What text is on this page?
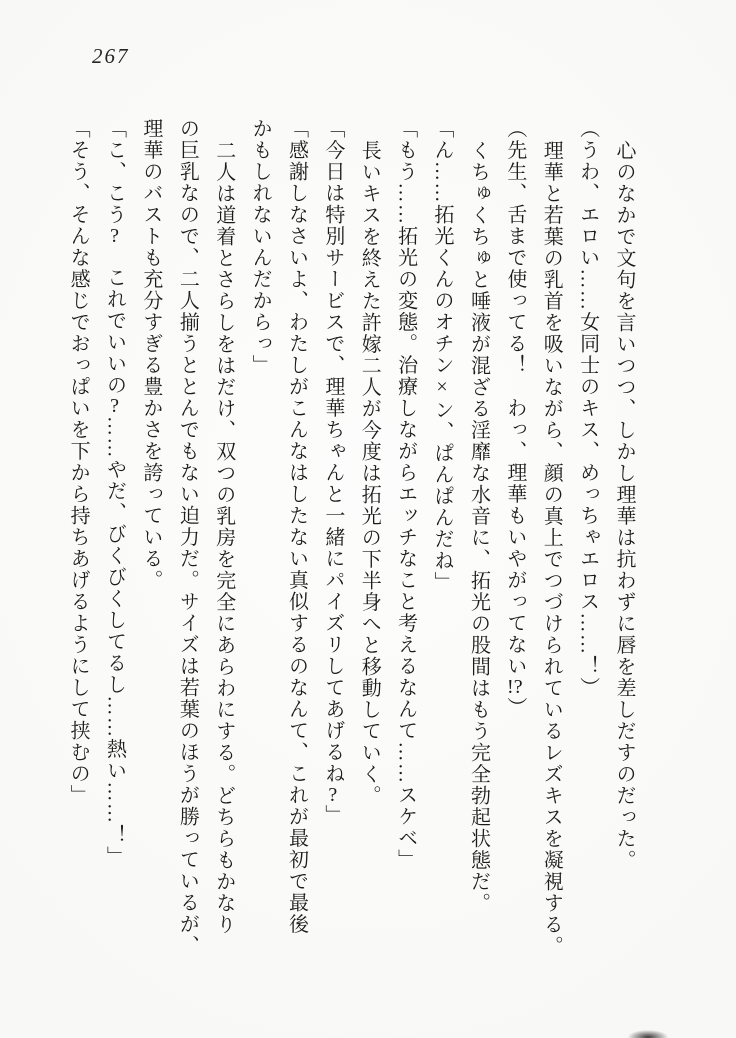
267
心のなかで文句を言いつつ、しかし理華は抗わずに唇を差しだすのだった。
（うわ、エロい……女同士のキス、めっちゃエロス……！）
理華と若葉の乳首を吸いながら、顔の真上でつづけられているレズキスを凝視する。
（先生、舌まで使ってる！　わっ、理華もいやがってない!?）
くちゅくちゅと唾液が混ざる淫靡な水音に、拓光の股間はもう完全勃起状態だ。
「ん……拓光くんのオチン×ン、ぱんぱんだね」
「もう……拓光の変態。治療しながらエッチなこと考えるなんて……スケベ」
長いキスを終えた許嫁二人が今度は拓光の下半身へと移動していく。
「今日は特別サービスで、理華ちゃんと一緒にパイズリしてあげるね?」
「感謝しなさいよ、わたしがこんなはしたない真似するのなんて、これが最初で最後
かもしれないんだからっ」
二人は道着とさらしをはだけ、双つの乳房を完全にあらわにする。どちらもかなり
の巨乳なので、二人揃うととんでもない迫力だ。サイズは若葉のほうが勝っているが、
理華のバストも充分すぎる豊かさを誇っている。
「こ、こう?　これでいいの?……やだ、びくびくしてるし……熱い……！」
「そう、そんな感じでおっぱいを下から持ちあげるようにして挟むの」
